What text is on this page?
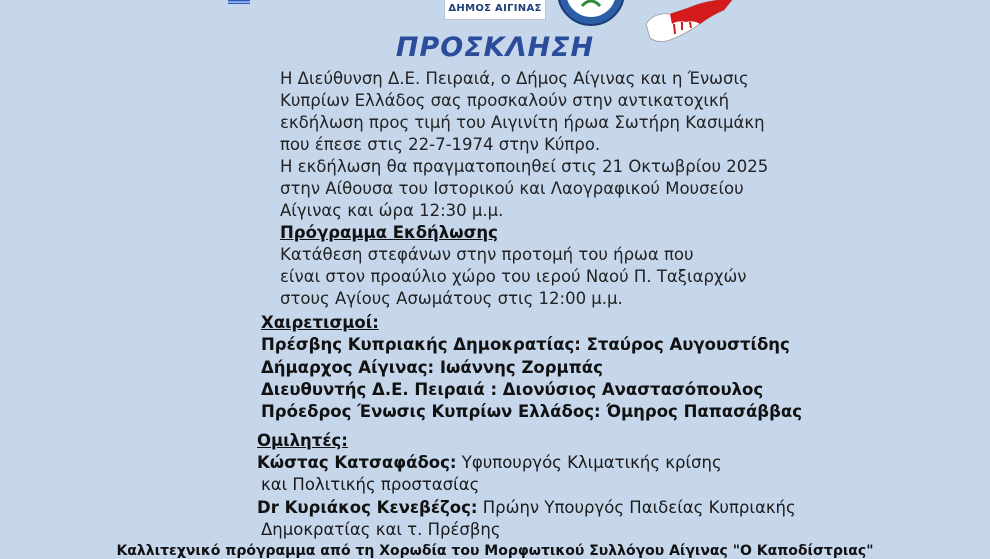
ΔΗΜΟΣ ΑΙΓΙΝΑΣ
ΠΡΟΣΚΛΗΣΗ
Η Διεύθυνση Δ.Ε. Πειραιά, ο Δήμος Αίγινας και η Ένωσις
Κυπρίων Ελλάδος σας προσκαλούν στην αντικατοχική
εκδήλωση προς τιμή του Αιγινίτη ήρωα Σωτήρη Κασιμάκη
που έπεσε στις 22-7-1974 στην Κύπρο.
Η εκδήλωση θα πραγματοποιηθεί στις 21 Οκτωβρίου 2025
στην Αίθουσα του Ιστορικού και Λαογραφικού Μουσείου
Αίγινας και ώρα 12:30 μ.μ.
Πρόγραμμα Εκδήλωσης
Κατάθεση στεφάνων στην προτομή του ήρωα που
είναι στον προαύλιο χώρο του ιερού Ναού Π. Ταξιαρχών
στους Αγίους Ασωμάτους στις 12:00 μ.μ.
Χαιρετισμοί:
Πρέσβης Κυπριακής Δημοκρατίας: Σταύρος Αυγουστίδης
Δήμαρχος Αίγινας: Ιωάννης Ζορμπάς
Διευθυντής Δ.Ε. Πειραιά : Διονύσιος Αναστασόπουλος
Πρόεδρος Ένωσις Κυπρίων Ελλάδος: Όμηρος Παπασάββας
Ομιλητές:
Κώστας Κατσαφάδος: Υφυπουργός Κλιματικής κρίσης
και Πολιτικής προστασίας
Dr Κυριάκος Κενεβέζος: Πρώην Υπουργός Παιδείας Κυπριακής
Δημοκρατίας και τ. Πρέσβης
Καλλιτεχνικό πρόγραμμα από τη Χορωδία του Μορφωτικού Συλλόγου Αίγινας "Ο Καποδίστριας"
